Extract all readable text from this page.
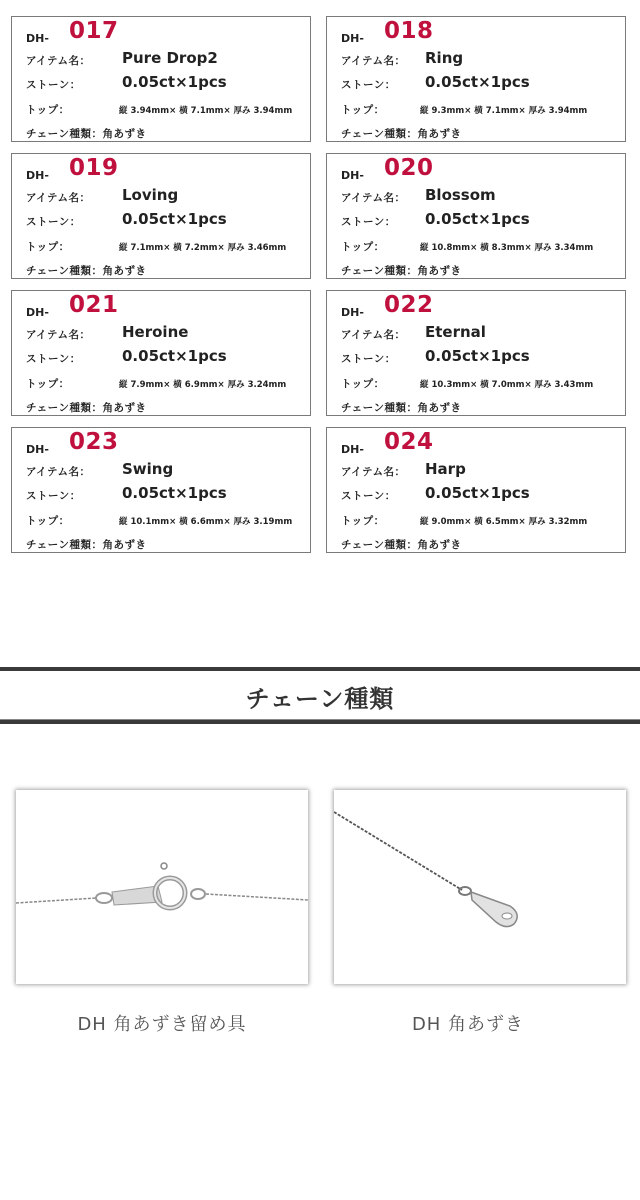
DH- 017
アイテム名： Pure Drop2
ストーン：	0.05ct×1pcs
トップ：	縦 3.94mm× 横 7.1mm× 厚み 3.94mm
チェーン種類：角あずき
DH- 018
アイテム名： Ring
ストーン： 0.05ct×1pcs
トップ：	縦 9.3mm× 横 7.1mm× 厚み 3.94mm
チェーン種類：角あずき
DH- 019
アイテム名： Loving
ストーン：	0.05ct×1pcs
トップ：	縦 7.1mm× 横 7.2mm× 厚み 3.46mm
チェーン種類：角あずき
DH- 020
アイテム名： Blossom
ストーン： 0.05ct×1pcs
トップ：	縦 10.8mm× 横 8.3mm× 厚み 3.34mm
チェーン種類：角あずき
DH- 021
アイテム名： Heroine
ストーン：	0.05ct×1pcs
トップ：	縦 7.9mm× 横 6.9mm× 厚み 3.24mm
チェーン種類：角あずき
DH- 022
アイテム名： Eternal
ストーン： 0.05ct×1pcs
トップ：	縦 10.3mm× 横 7.0mm× 厚み 3.43mm
チェーン種類：角あずき
DH- 023
アイテム名： Swing
ストーン：	0.05ct×1pcs
トップ：	縦 10.1mm× 横 6.6mm× 厚み 3.19mm
チェーン種類：角あずき
DH- 024
アイテム名： Harp
ストーン： 0.05ct×1pcs
トップ：	縦 9.0mm× 横 6.5mm× 厚み 3.32mm
チェーン種類：角あずき
チェーン種類
DH 角あずき留め具	DH 角あずき
